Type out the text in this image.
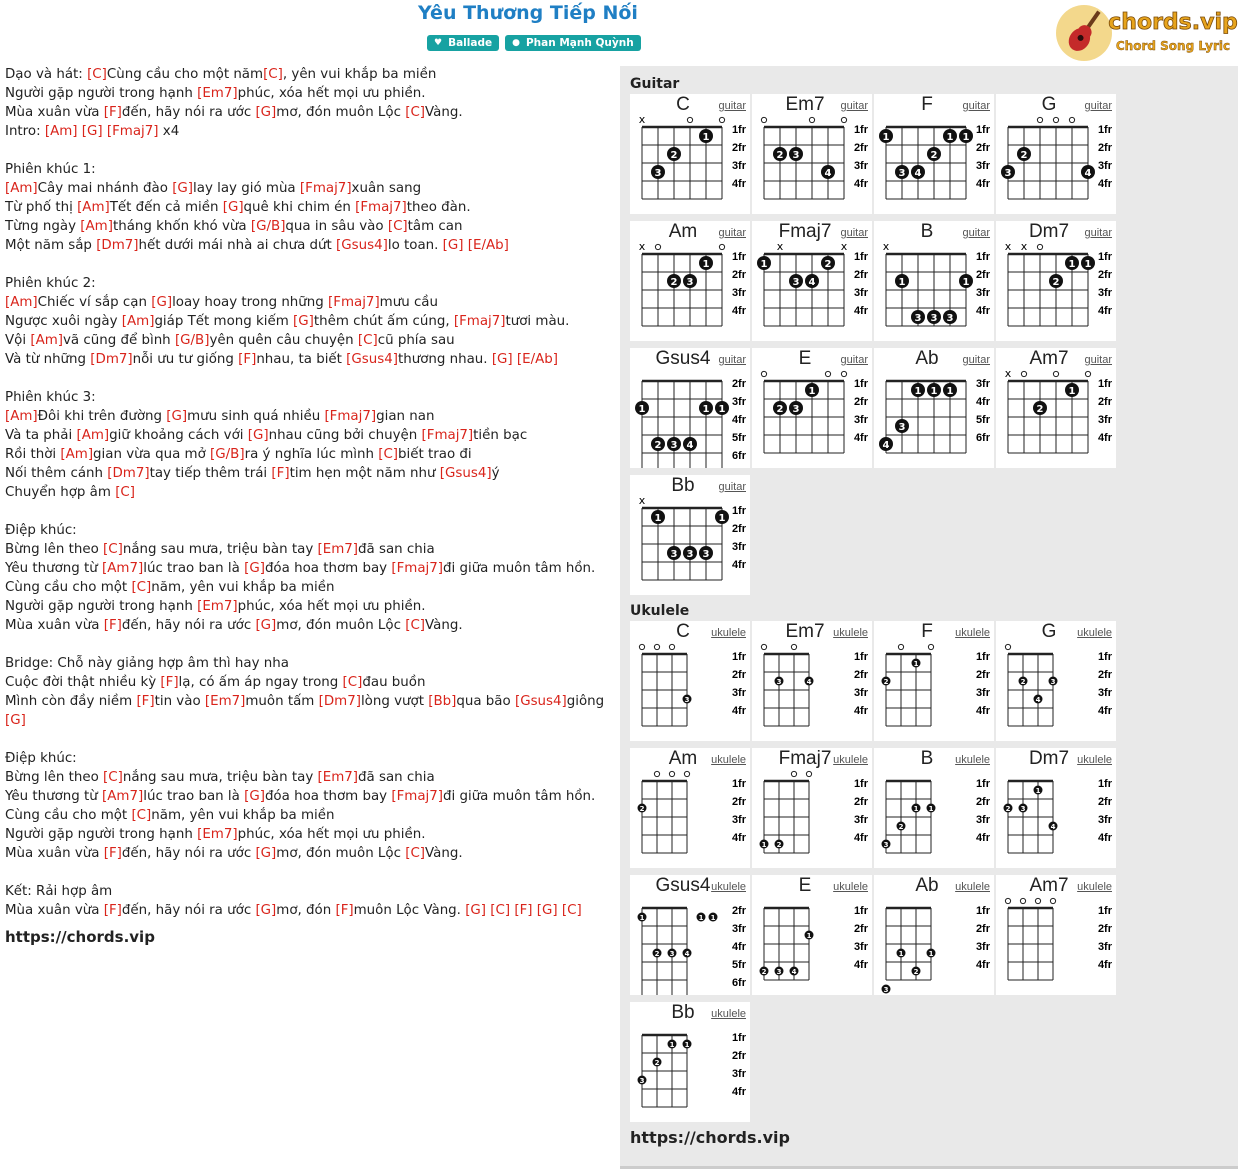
Yêu Thương Tiếp Nối
♥ Ballade ● Phan Mạnh Quỳnh
chords.vip
Chord Song Lyric
Dạo và hát: [C]Cùng cầu cho một năm[C], yên vui khắp ba miền
Người gặp người trong hạnh [Em7]phúc, xóa hết mọi ưu phiền.
Mùa xuân vừa [F]đến, hãy nói ra ước [G]mơ, đón muôn Lộc [C]Vàng.
Intro: [Am] [G] [Fmaj7] x4
Phiên khúc 1:
[Am]Cây mai nhánh đào [G]lay lay gió mùa [Fmaj7]xuân sang
Từ phố thị [Am]Tết đến cả miền [G]quê khi chim én [Fmaj7]theo đàn.
Từng ngày [Am]tháng khốn khó vừa [G/B]qua in sâu vào [C]tâm can
Một năm sắp [Dm7]hết dưới mái nhà ai chưa dứt [Gsus4]lo toan. [G] [E/Ab]
Phiên khúc 2:
[Am]Chiếc ví sắp cạn [G]loay hoay trong những [Fmaj7]mưu cầu
Ngược xuôi ngày [Am]giáp Tết mong kiếm [G]thêm chút ấm cúng, [Fmaj7]tươi màu.
Vội [Am]vã cũng để bình [G/B]yên quên câu chuyện [C]cũ phía sau
Và từ những [Dm7]nỗi ưu tư giống [F]nhau, ta biết [Gsus4]thương nhau. [G] [E/Ab]
Phiên khúc 3:
[Am]Đôi khi trên đường [G]mưu sinh quá nhiều [Fmaj7]gian nan
Và ta phải [Am]giữ khoảng cách với [G]nhau cũng bởi chuyện [Fmaj7]tiền bạc
Rồi thời [Am]gian vừa qua mở [G/B]ra ý nghĩa lúc mình [C]biết trao đi
Nối thêm cánh [Dm7]tay tiếp thêm trái [F]tim hẹn một năm như [Gsus4]ý
Chuyển hợp âm [C]
Điệp khúc:
Bừng lên theo [C]nắng sau mưa, triệu bàn tay [Em7]đã san chia
Yêu thương từ [Am7]lúc trao ban là [G]đóa hoa thơm bay [Fmaj7]đi giữa muôn tâm hồn.
Cùng cầu cho một [C]năm, yên vui khắp ba miền
Người gặp người trong hạnh [Em7]phúc, xóa hết mọi ưu phiền.
Mùa xuân vừa [F]đến, hãy nói ra ước [G]mơ, đón muôn Lộc [C]Vàng.
Bridge: Chỗ này giảng hợp âm thì hay nha
Cuộc đời thật nhiều kỳ [F]lạ, có ấm áp ngay trong [C]đau buồn
Mình còn đầy niềm [F]tin vào [Em7]muôn tấm [Dm7]lòng vượt [Bb]qua bão [Gsus4]giông
[G]
Điệp khúc:
Bừng lên theo [C]nắng sau mưa, triệu bàn tay [Em7]đã san chia
Yêu thương từ [Am7]lúc trao ban là [G]đóa hoa thơm bay [Fmaj7]đi giữa muôn tâm hồn.
Cùng cầu cho một [C]năm, yên vui khắp ba miền
Người gặp người trong hạnh [Em7]phúc, xóa hết mọi ưu phiền.
Mùa xuân vừa [F]đến, hãy nói ra ước [G]mơ, đón muôn Lộc [C]Vàng.
Kết: Rải hợp âm
Mùa xuân vừa [F]đến, hãy nói ra ước [G]mơ, đón [F]muôn Lộc Vàng. [G] [C] [F] [G] [C]
https://chords.vip
Guitar
1fr
2fr
3fr
4fr
x
1
2
3
C	guitar
1fr
2fr
3fr
4fr
2 3
4
Em7	guitar
1fr
2fr
3fr
4fr
1	1 1
2
3 4
F	guitar
1fr
2fr
3fr
4fr
2
3	4
G	guitar
1fr
2fr
3fr
4fr
x
1
2 3
Am	guitar
1fr
2fr
3fr
4fr
x	x
1	2
3 4
Fmaj7 guitar
1fr
2fr
3fr
4fr
x
1	1
3 3 3
B	guitar
1fr
2fr
3fr
4fr
x x
1 1
2
Dm7	guitar
2fr
3fr
4fr
5fr
6fr
1	1 1
2 3 4
Gsus4 guitar
1fr
2fr
3fr
4fr
1
2 3
E	guitar
3fr
4fr
5fr
6fr
1 1 1
3
4
Ab	guitar
1fr
2fr
3fr
4fr
x
1
2
Am7	guitar
1fr
2fr
3fr
4fr
x
1	1
3 3 3
Bb	guitar
Ukulele
1fr
2fr
3fr
4fr
3
C	ukulele
1fr
2fr
3fr
4fr
3	4
Em7 ukulele
1fr
2fr
3fr
4fr
1
2
F	ukulele
1fr
2fr
3fr
4fr
2	3
4
G	ukulele
1fr
2fr
3fr
4fr
2
Am	ukulele
1fr
2fr
3fr
4fr
1 2
Fmaj7 ukulele
1fr
2fr
3fr
4fr
1 1
2
3
B	ukulele
1fr
2fr
3fr
4fr
1
2 3
4
Dm7 ukulele
2fr
3fr
4fr
5fr
6fr
1
2 3 4
1 1
Gsus4 ukulele
1fr
2fr
3fr
4fr
1
2 3 4
E	ukulele
1fr
2fr
3fr
4fr
1	1
2
3
Ab	ukulele
1fr
2fr
3fr
4fr
Am7 ukulele
1fr
2fr
3fr
4fr
1 1
2
3
Bb	ukulele
https://chords.vip
